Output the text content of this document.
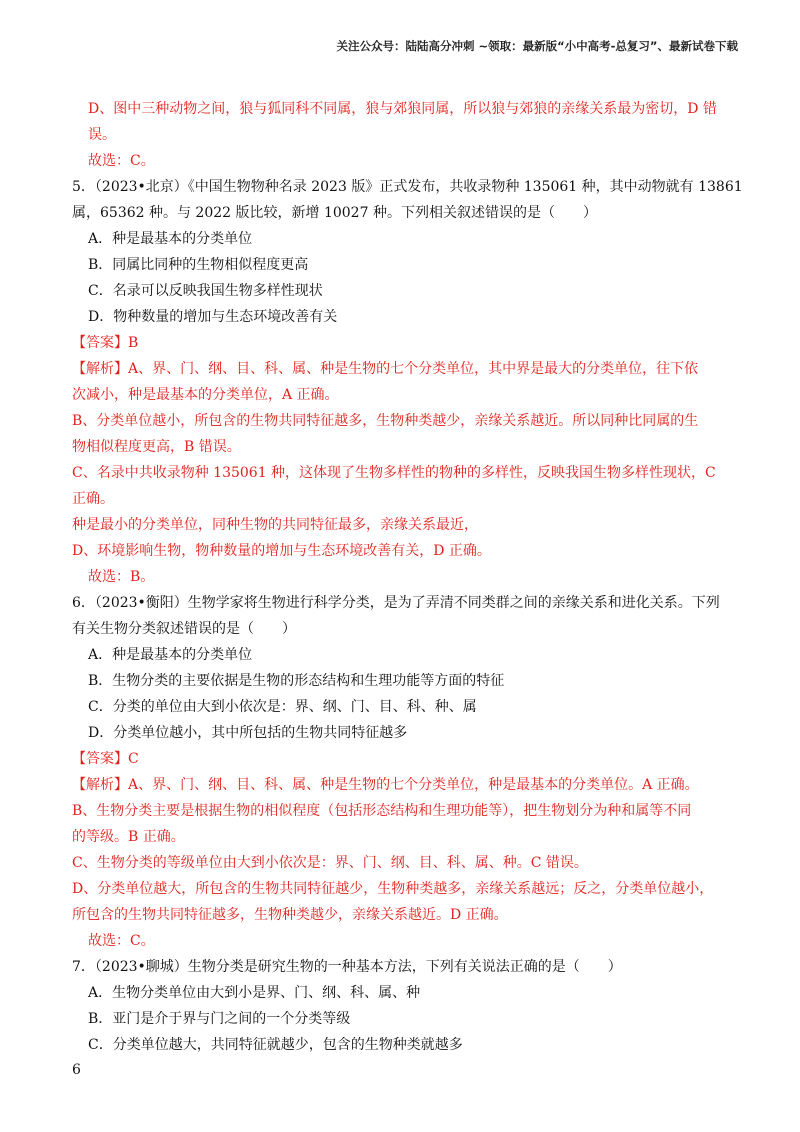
关注公众号：陆陆高分冲刺 ~领取：最新版“小中高考-总复习”、最新试卷下载

D、图中三种动物之间，狼与狐同科不同属，狼与郊狼同属，所以狼与郊狼的亲缘关系最为密切，D 错

误。

故选：C。

5．（2023•北京）《中国生物物种名录 2023 版》正式发布，共收录物种 135061 种，其中动物就有 13861

属，65362 种。与 2022 版比较，新增 10027 种。下列相关叙述错误的是（　　）

A．种是最基本的分类单位

B．同属比同种的生物相似程度更高

C．名录可以反映我国生物多样性现状

D．物种数量的增加与生态环境改善有关

【答案】B

【解析】A、界、门、纲、目、科、属、种是生物的七个分类单位，其中界是最大的分类单位，往下依

次减小，种是最基本的分类单位，A 正确。

B、分类单位越小，所包含的生物共同特征越多，生物种类越少，亲缘关系越近。所以同种比同属的生

物相似程度更高，B 错误。

C、名录中共收录物种 135061 种，这体现了生物多样性的物种的多样性，反映我国生物多样性现状，C

正确。

种是最小的分类单位，同种生物的共同特征最多，亲缘关系最近，

D、环境影响生物，物种数量的增加与生态环境改善有关，D 正确。

故选：B。

6．（2023•衡阳）生物学家将生物进行科学分类，是为了弄清不同类群之间的亲缘关系和进化关系。下列

有关生物分类叙述错误的是（　　）

A．种是最基本的分类单位

B．生物分类的主要依据是生物的形态结构和生理功能等方面的特征

C．分类的单位由大到小依次是：界、纲、门、目、科、种、属

D．分类单位越小，其中所包括的生物共同特征越多

【答案】C

【解析】A、界、门、纲、目、科、属、种是生物的七个分类单位，种是最基本的分类单位。A 正确。

B、生物分类主要是根据生物的相似程度（包括形态结构和生理功能等），把生物划分为种和属等不同

的等级。B 正确。

C、生物分类的等级单位由大到小依次是：界、门、纲、目、科、属、种。C 错误。

D、分类单位越大，所包含的生物共同特征越少，生物种类越多，亲缘关系越远；反之，分类单位越小，

所包含的生物共同特征越多，生物种类越少，亲缘关系越近。D 正确。

故选：C。

7．（2023•聊城）生物分类是研究生物的一种基本方法，下列有关说法正确的是（　　）

A．生物分类单位由大到小是界、门、纲、科、属、种

B．亚门是介于界与门之间的一个分类等级

C．分类单位越大，共同特征就越少，包含的生物种类就越多

6
